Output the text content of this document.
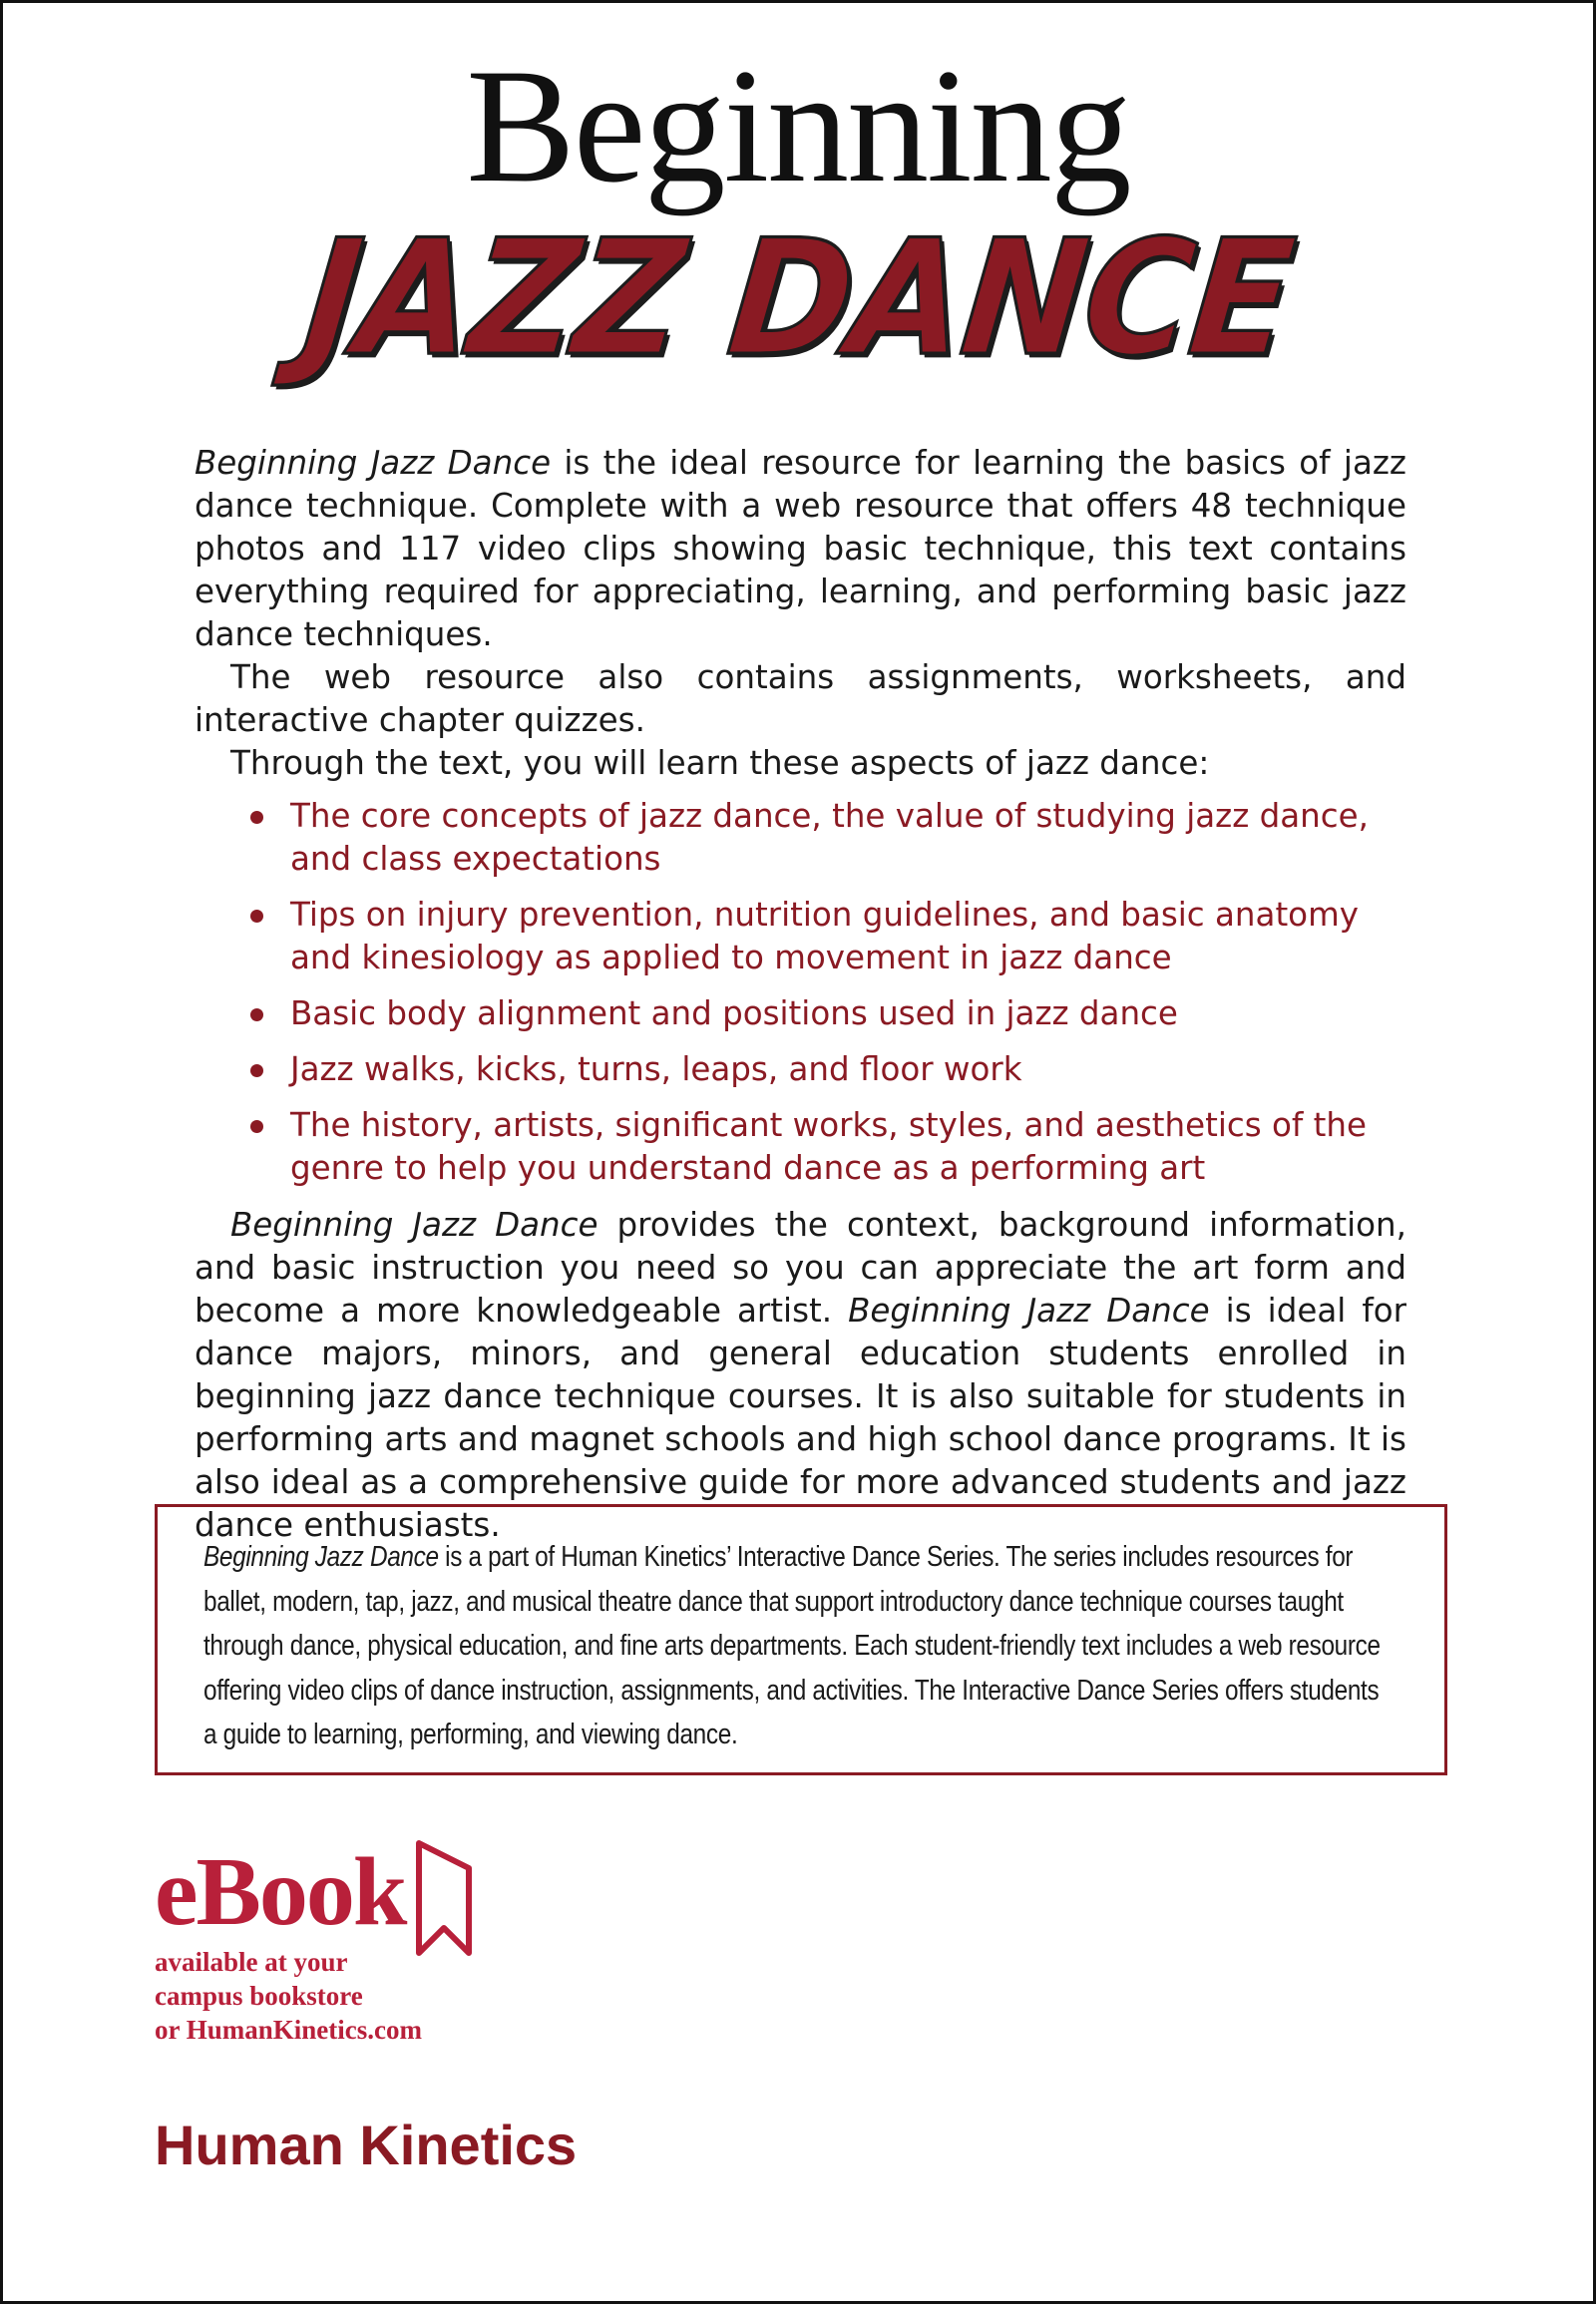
Beginning
JAZZ DANCE

Beginning Jazz Dance is the ideal resource for learning the basics of jazz dance technique. Complete with a web resource that offers 48 technique photos and 117 video clips showing basic technique, this text contains everything required for appreciating, learning, and performing basic jazz dance techniques.

The web resource also contains assignments, worksheets, and interactive chapter quizzes.

Through the text, you will learn these aspects of jazz dance:

The core concepts of jazz dance, the value of studying jazz dance, and class expectations
Tips on injury prevention, nutrition guidelines, and basic anatomy and kinesiology as applied to movement in jazz dance
Basic body alignment and positions used in jazz dance
Jazz walks, kicks, turns, leaps, and floor work
The history, artists, significant works, styles, and aesthetics of the genre to help you understand dance as a performing art

Beginning Jazz Dance provides the context, background information, and basic instruction you need so you can appreciate the art form and become a more knowledgeable artist. Beginning Jazz Dance is ideal for dance majors, minors, and general education students enrolled in beginning jazz dance technique courses. It is also suitable for students in performing arts and magnet schools and high school dance programs. It is also ideal as a comprehensive guide for more advanced students and jazz dance enthusiasts.

Beginning Jazz Dance is a part of Human Kinetics’ Interactive Dance Series. The series includes resources for ballet, modern, tap, jazz, and musical theatre dance that support introductory dance technique courses taught through dance, physical education, and fine arts departments. Each student-friendly text includes a web resource offering video clips of dance instruction, assignments, and activities. The Interactive Dance Series offers students a guide to learning, performing, and viewing dance.

eBook
available at your
campus bookstore
or HumanKinetics.com
Human Kinetics
